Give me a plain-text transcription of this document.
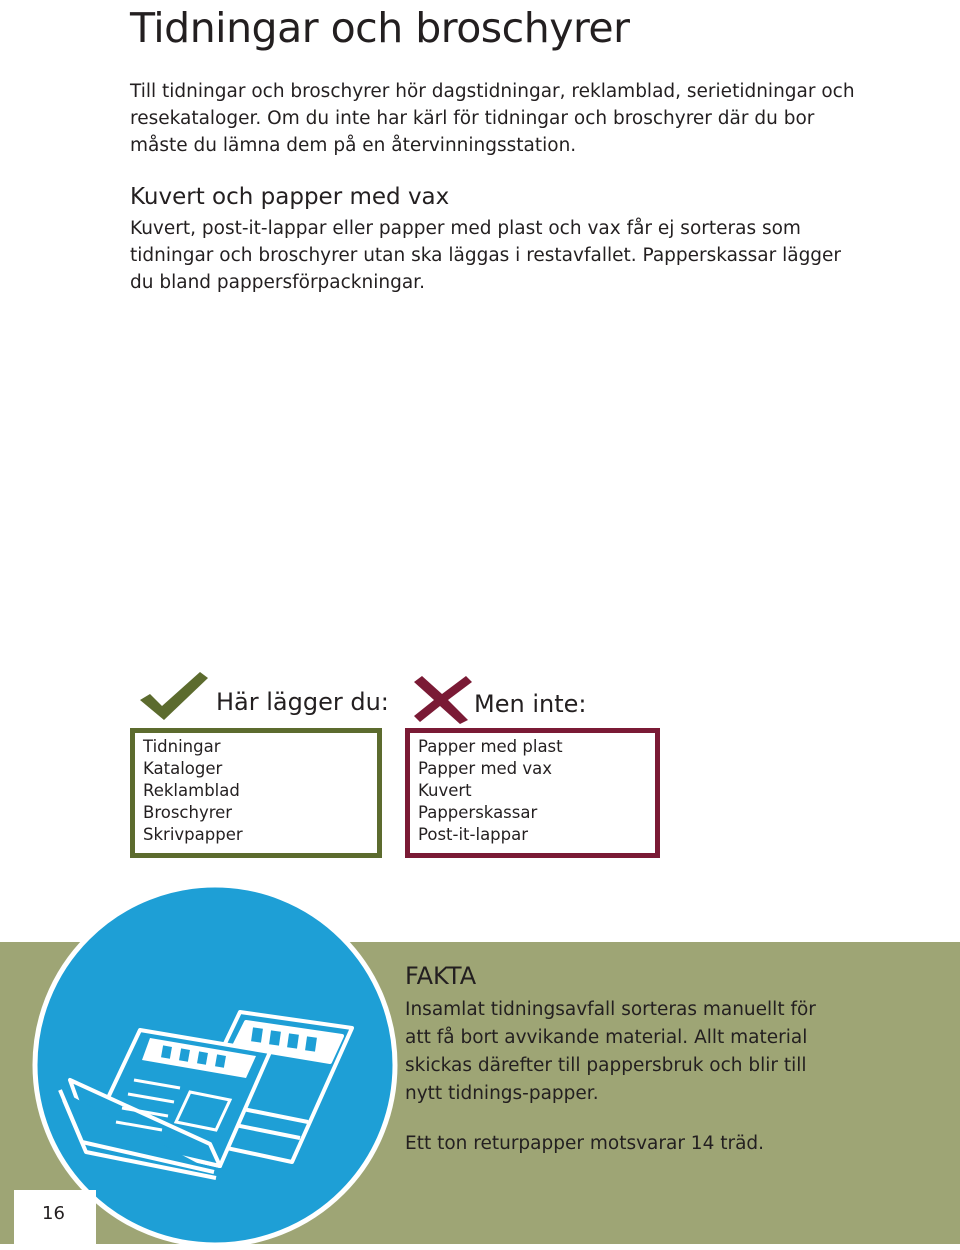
Tidningar och broschyrer

Till tidningar och broschyrer hör dagstidningar, reklamblad, serietidningar och resekataloger. Om du inte har kärl för tidningar och broschyrer där du bor måste du lämna dem på en återvinningsstation.

Kuvert och papper med vax

Kuvert, post-it-lappar eller papper med plast och vax får ej sorteras som tidningar och broschyrer utan ska läggas i restavfallet. Papperskassar lägger du bland pappersförpackningar.

Här lägger du:
Tidningar
Kataloger
Reklamblad
Broschyrer
Skrivpapper
Men inte:
Papper med plast
Papper med vax
Kuvert
Papperskassar
Post-it-lappar
FAKTA

Insamlat tidningsavfall sorteras manuellt för att få bort avvikande material. Allt material skickas därefter till pappersbruk och blir till nytt tidnings-papper.

Ett ton returpapper motsvarar 14 träd.

16
